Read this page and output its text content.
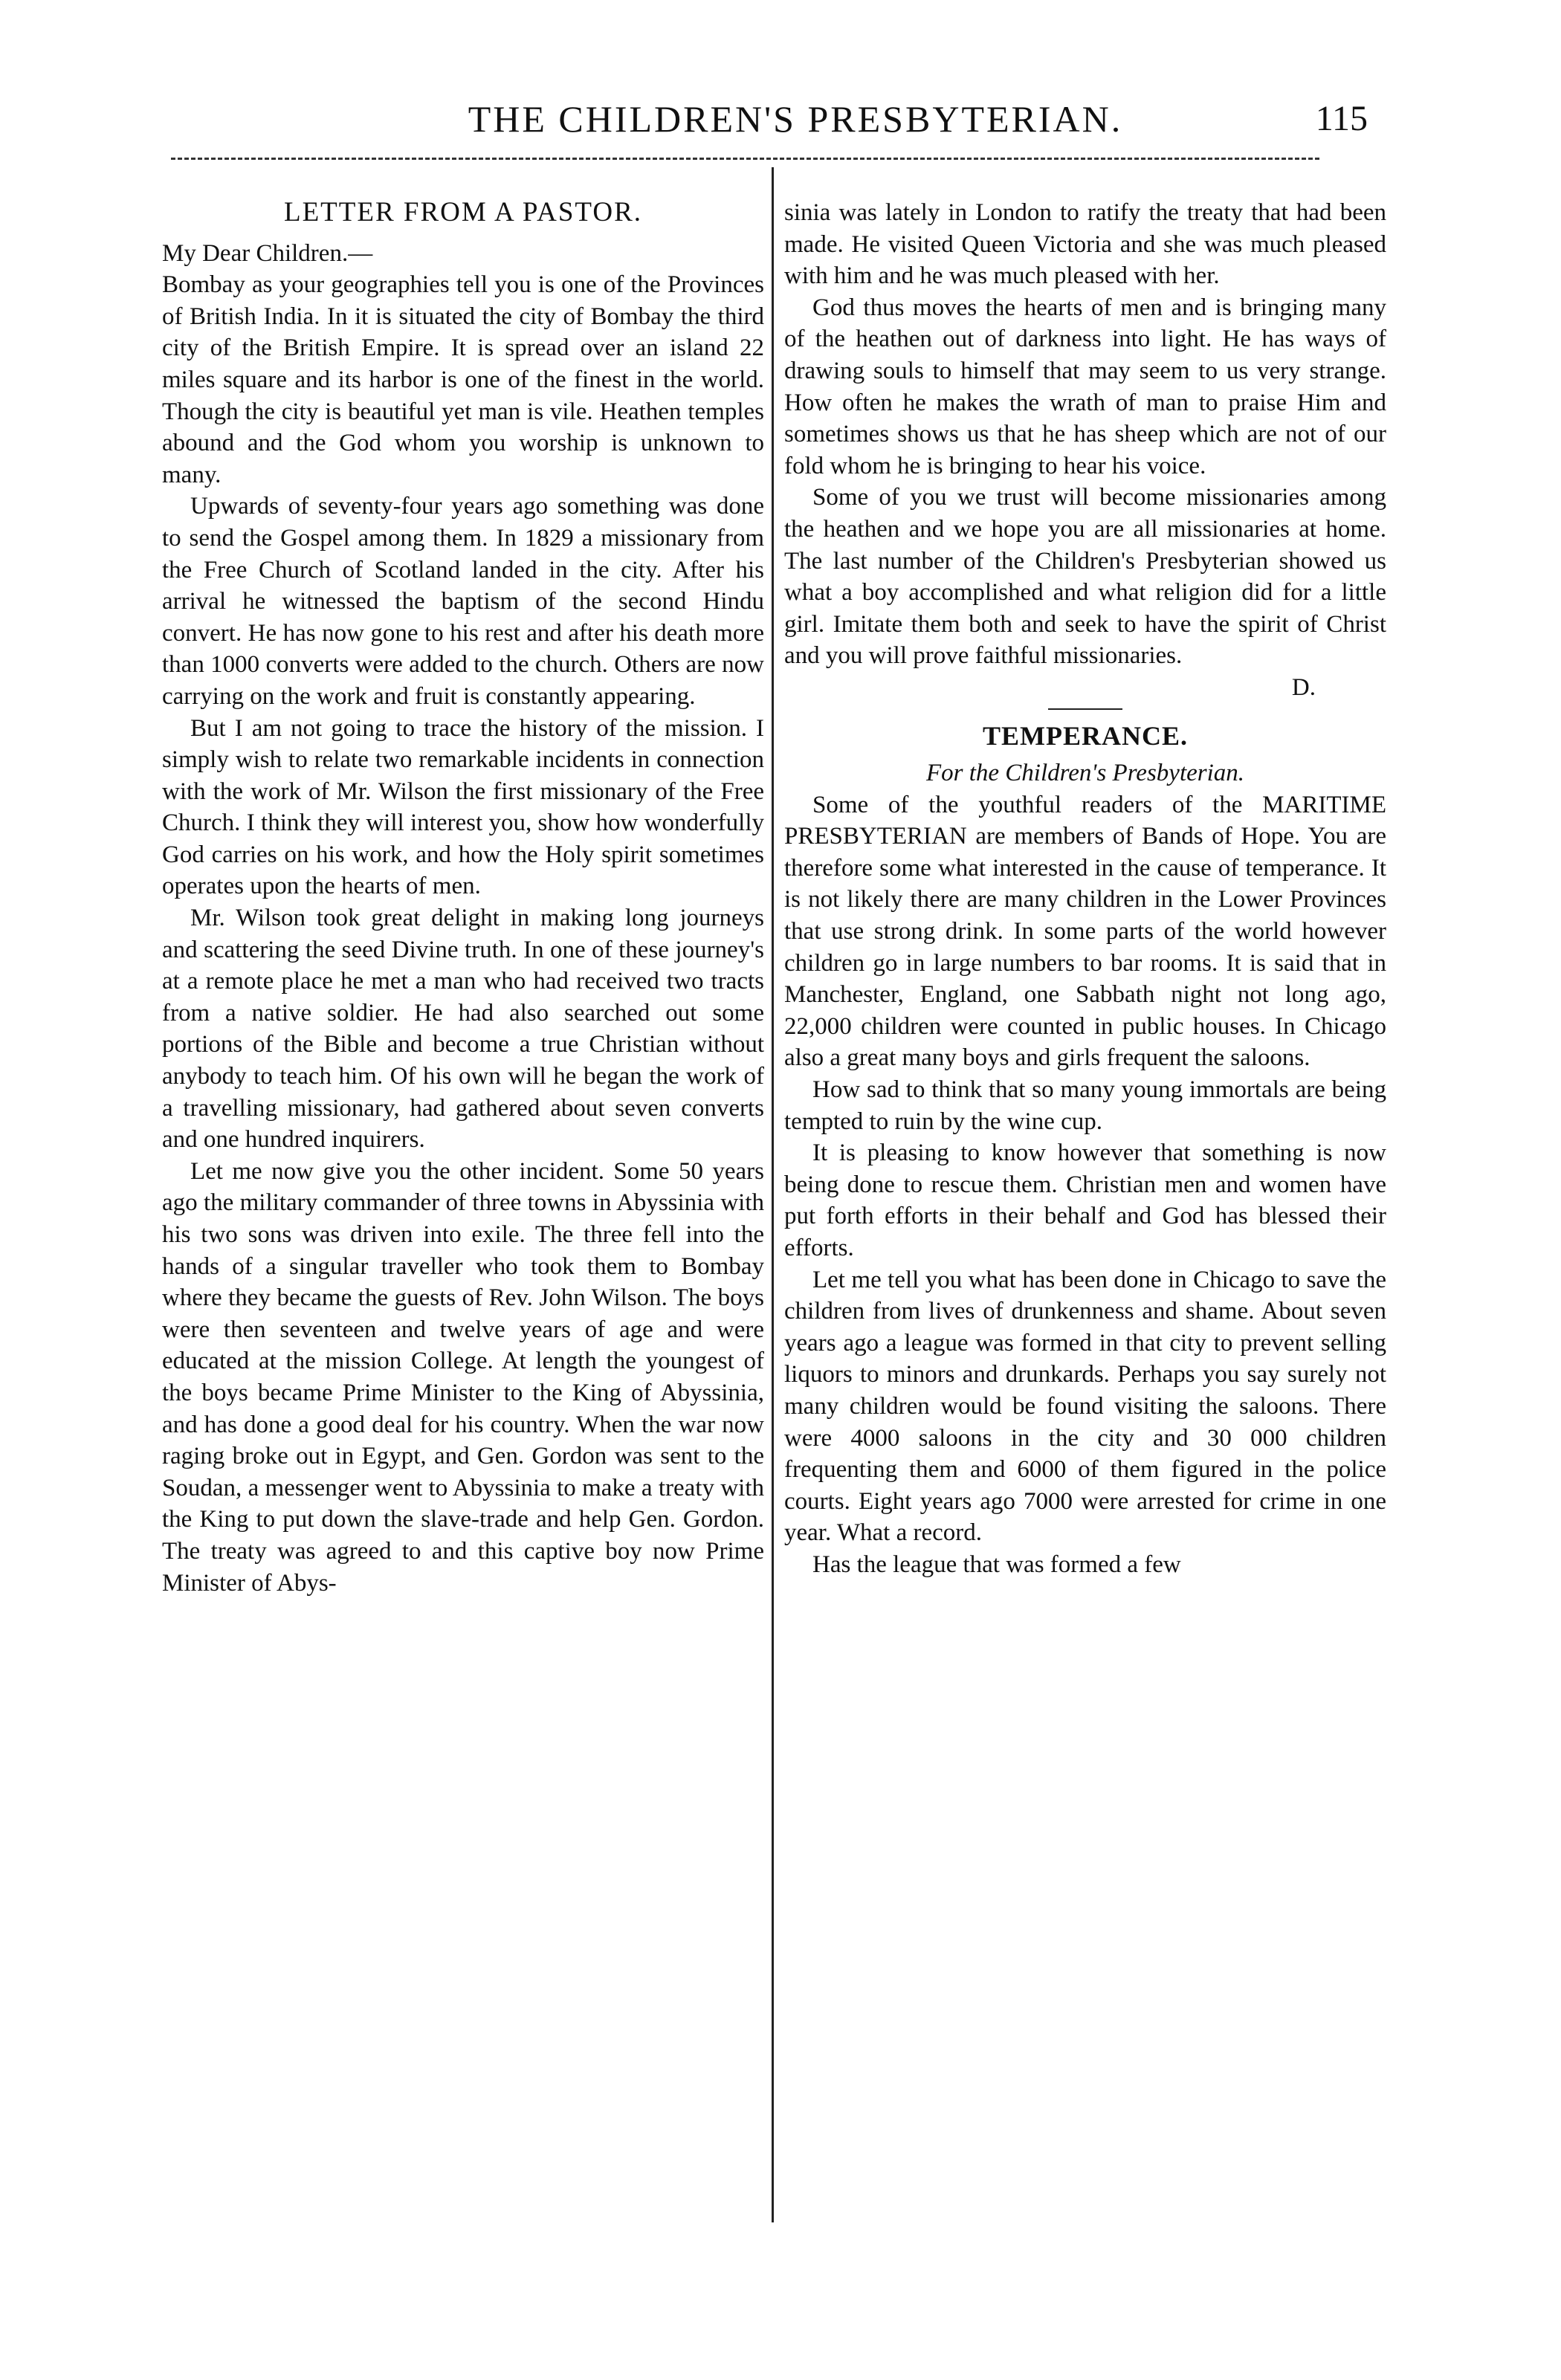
THE CHILDREN'S PRESBYTERIAN.	115
LETTER FROM A PASTOR.

My Dear Children.—

Bombay as your geographies tell you is one of the Provinces of British India. In it is situated the city of Bombay the third city of the British Empire. It is spread over an island 22 miles square and its harbor is one of the finest in the world. Though the city is beautiful yet man is vile. Heathen temples abound and the God whom you worship is unknown to many.

Upwards of seventy-four years ago something was done to send the Gospel among them. In 1829 a missionary from the Free Church of Scotland landed in the city. After his arrival he witnessed the baptism of the second Hindu convert. He has now gone to his rest and after his death more than 1000 converts were added to the church. Others are now carrying on the work and fruit is constantly appearing.

But I am not going to trace the history of the mission. I simply wish to relate two remarkable incidents in connection with the work of Mr. Wilson the first missionary of the Free Church. I think they will interest you, show how wonderfully God carries on his work, and how the Holy spirit sometimes operates upon the hearts of men.

Mr. Wilson took great delight in making long journeys and scattering the seed Divine truth. In one of these journey's at a remote place he met a man who had received two tracts from a native soldier. He had also searched out some portions of the Bible and become a true Christian without anybody to teach him. Of his own will he began the work of a travelling missionary, had gathered about seven converts and one hundred inquirers.

Let me now give you the other incident. Some 50 years ago the military commander of three towns in Abyssinia with his two sons was driven into exile. The three fell into the hands of a singular traveller who took them to Bombay where they became the guests of Rev. John Wilson. The boys were then seventeen and twelve years of age and were educated at the mission College. At length the youngest of the boys became Prime Minister to the King of Abyssinia, and has done a good deal for his country. When the war now raging broke out in Egypt, and Gen. Gordon was sent to the Soudan, a messenger went to Abyssinia to make a treaty with the King to put down the slave-trade and help Gen. Gordon. The treaty was agreed to and this captive boy now Prime Minister of Abys-

sinia was lately in London to ratify the treaty that had been made. He visited Queen Victoria and she was much pleased with him and he was much pleased with her.

God thus moves the hearts of men and is bringing many of the heathen out of darkness into light. He has ways of drawing souls to himself that may seem to us very strange. How often he makes the wrath of man to praise Him and sometimes shows us that he has sheep which are not of our fold whom he is bringing to hear his voice.

Some of you we trust will become missionaries among the heathen and we hope you are all missionaries at home. The last number of the Children's Presbyterian showed us what a boy accomplished and what religion did for a little girl. Imitate them both and seek to have the spirit of Christ and you will prove faithful missionaries.

D.

TEMPERANCE.

For the Children's Presbyterian.

Some of the youthful readers of the MARITIME PRESBYTERIAN are members of Bands of Hope. You are therefore some what interested in the cause of temperance. It is not likely there are many children in the Lower Provinces that use strong drink. In some parts of the world however children go in large numbers to bar rooms. It is said that in Manchester, England, one Sabbath night not long ago, 22,000 children were counted in public houses. In Chicago also a great many boys and girls frequent the saloons.

How sad to think that so many young immortals are being tempted to ruin by the wine cup.

It is pleasing to know however that something is now being done to rescue them. Christian men and women have put forth efforts in their behalf and God has blessed their efforts.

Let me tell you what has been done in Chicago to save the children from lives of drunkenness and shame. About seven years ago a league was formed in that city to prevent selling liquors to minors and drunkards. Perhaps you say surely not many children would be found visiting the saloons. There were 4000 saloons in the city and 30 000 children frequenting them and 6000 of them figured in the police courts. Eight years ago 7000 were arrested for crime in one year. What a record.

Has the league that was formed a few
